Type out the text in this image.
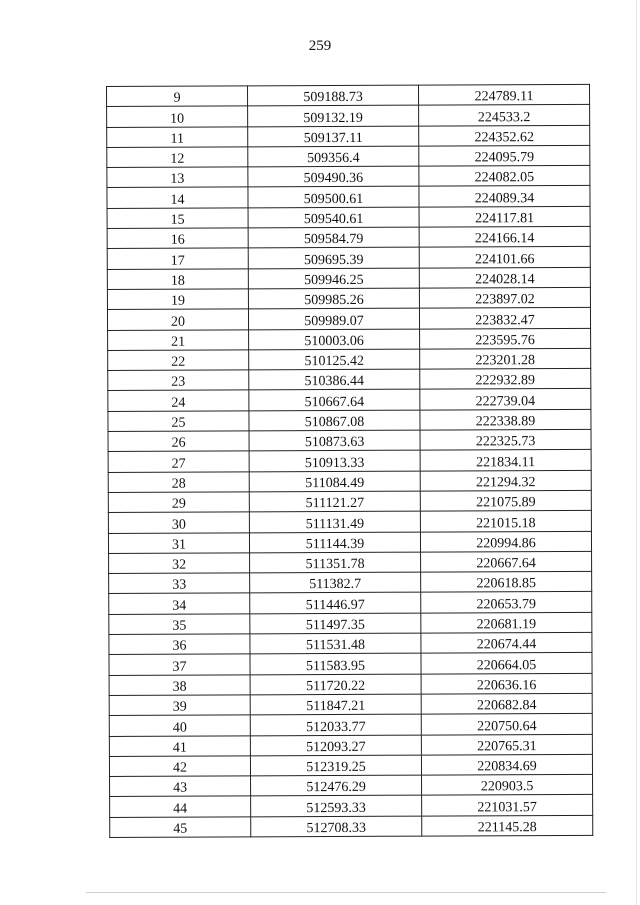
259
9	509188.73	224789.11
10	509132.19	224533.2
11	509137.11	224352.62
12	509356.4	224095.79
13	509490.36	224082.05
14	509500.61	224089.34
15	509540.61	224117.81
16	509584.79	224166.14
17	509695.39	224101.66
18	509946.25	224028.14
19	509985.26	223897.02
20	509989.07	223832.47
21	510003.06	223595.76
22	510125.42	223201.28
23	510386.44	222932.89
24	510667.64	222739.04
25	510867.08	222338.89
26	510873.63	222325.73
27	510913.33	221834.11
28	511084.49	221294.32
29	511121.27	221075.89
30	511131.49	221015.18
31	511144.39	220994.86
32	511351.78	220667.64
33	511382.7	220618.85
34	511446.97	220653.79
35	511497.35	220681.19
36	511531.48	220674.44
37	511583.95	220664.05
38	511720.22	220636.16
39	511847.21	220682.84
40	512033.77	220750.64
41	512093.27	220765.31
42	512319.25	220834.69
43	512476.29	220903.5
44	512593.33	221031.57
45	512708.33	221145.28
